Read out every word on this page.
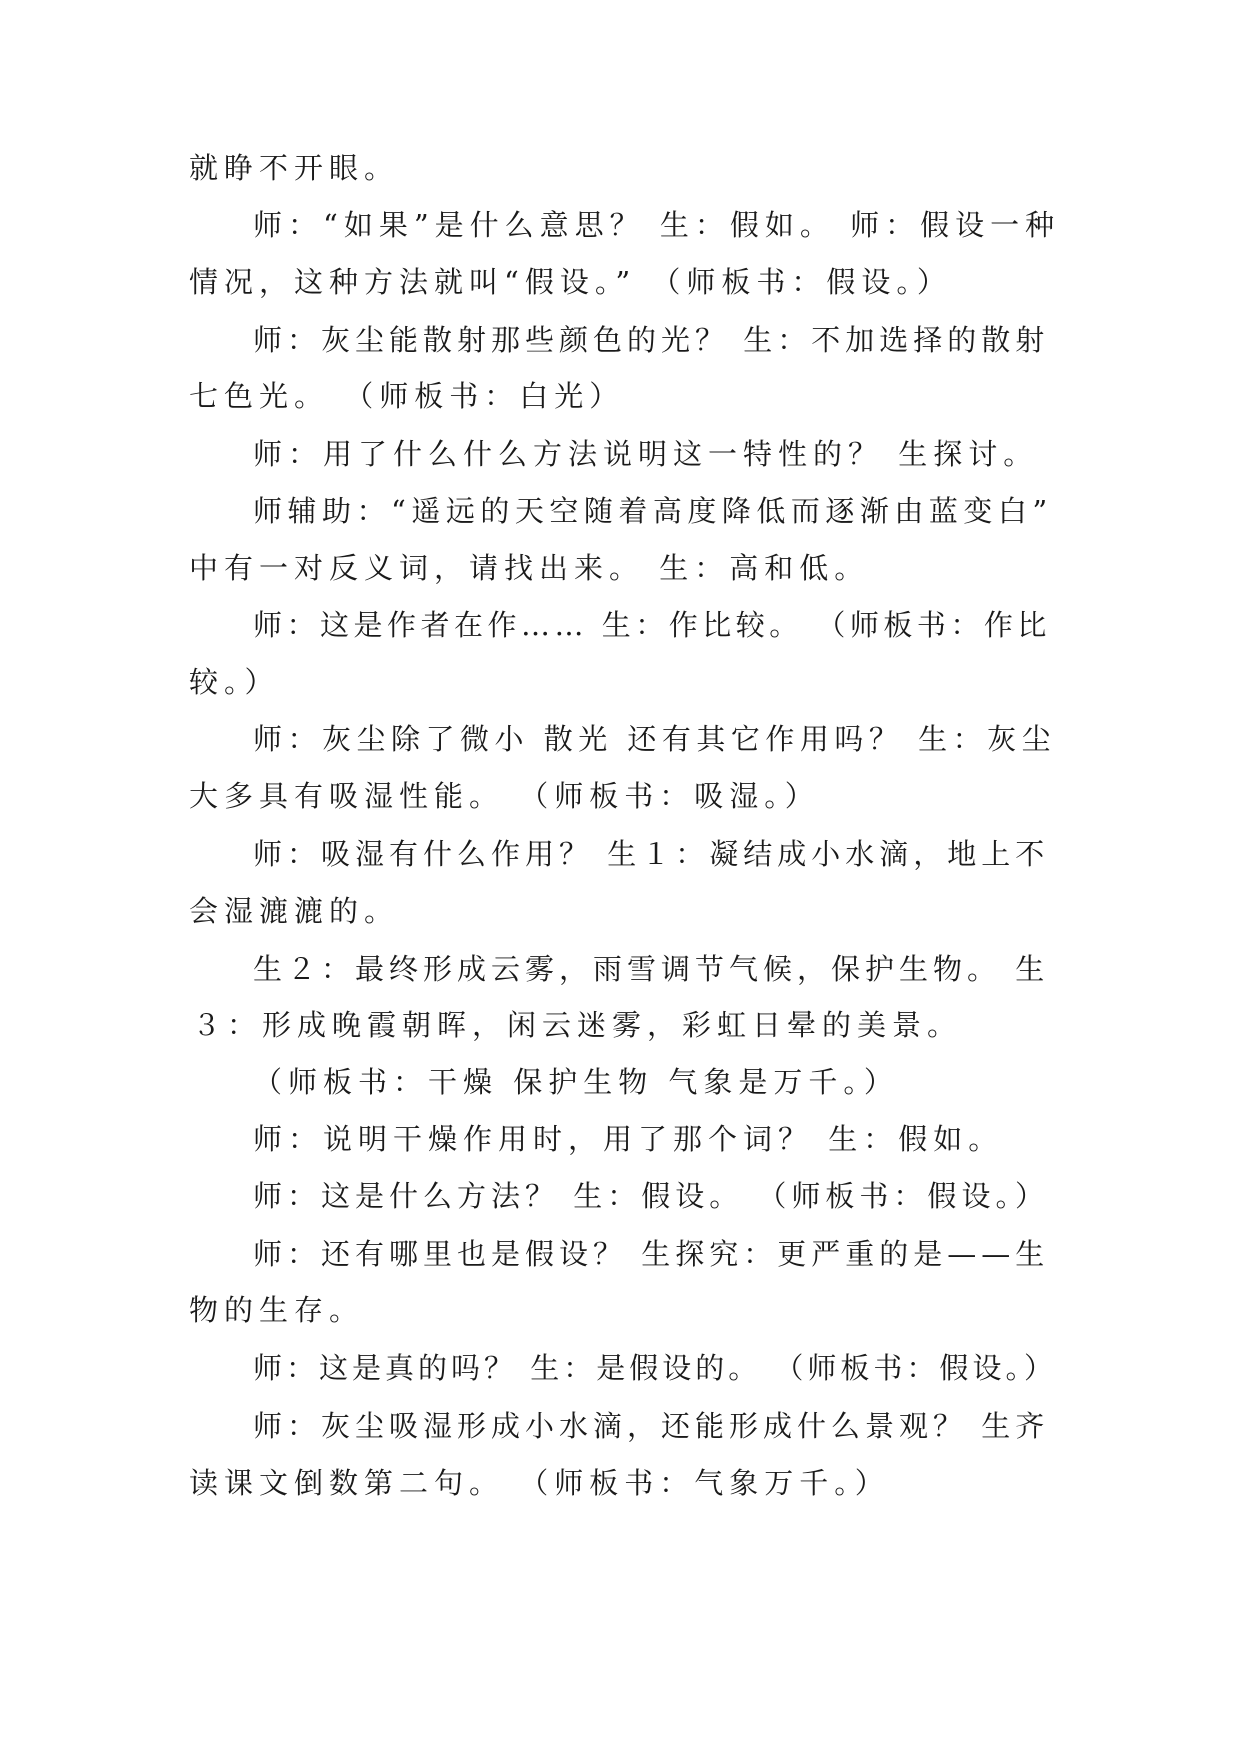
就睁不开眼。
师：“如果”是什么意思？ 生：假如。 师：假设一种
情况，这种方法就叫“假设。” （师板书：假设。）
师：灰尘能散射那些颜色的光？ 生：不加选择的散射
七色光。 （师板书：白光）
师：用了什么什么方法说明这一特性的？ 生探讨。
师辅助：“遥远的天空随着高度降低而逐渐由蓝变白”
中有一对反义词，请找出来。 生：高和低。
师：这是作者在作…… 生：作比较。 （师板书：作比
较。）
师：灰尘除了微小 散光 还有其它作用吗？ 生：灰尘
大多具有吸湿性能。 （师板书：吸湿。）
师：吸湿有什么作用？ 生１：凝结成小水滴，地上不
会湿漉漉的。
生２：最终形成云雾，雨雪调节气候，保护生物。 生
３：形成晚霞朝晖，闲云迷雾，彩虹日晕的美景。
（师板书：干燥 保护生物 气象是万千。）
师：说明干燥作用时，用了那个词？ 生：假如。
师：这是什么方法？ 生：假设。 （师板书：假设。）
师：还有哪里也是假设？ 生探究：更严重的是——生
物的生存。
师：这是真的吗？ 生：是假设的。 （师板书：假设。）
师：灰尘吸湿形成小水滴，还能形成什么景观？ 生齐
读课文倒数第二句。 （师板书：气象万千。）
